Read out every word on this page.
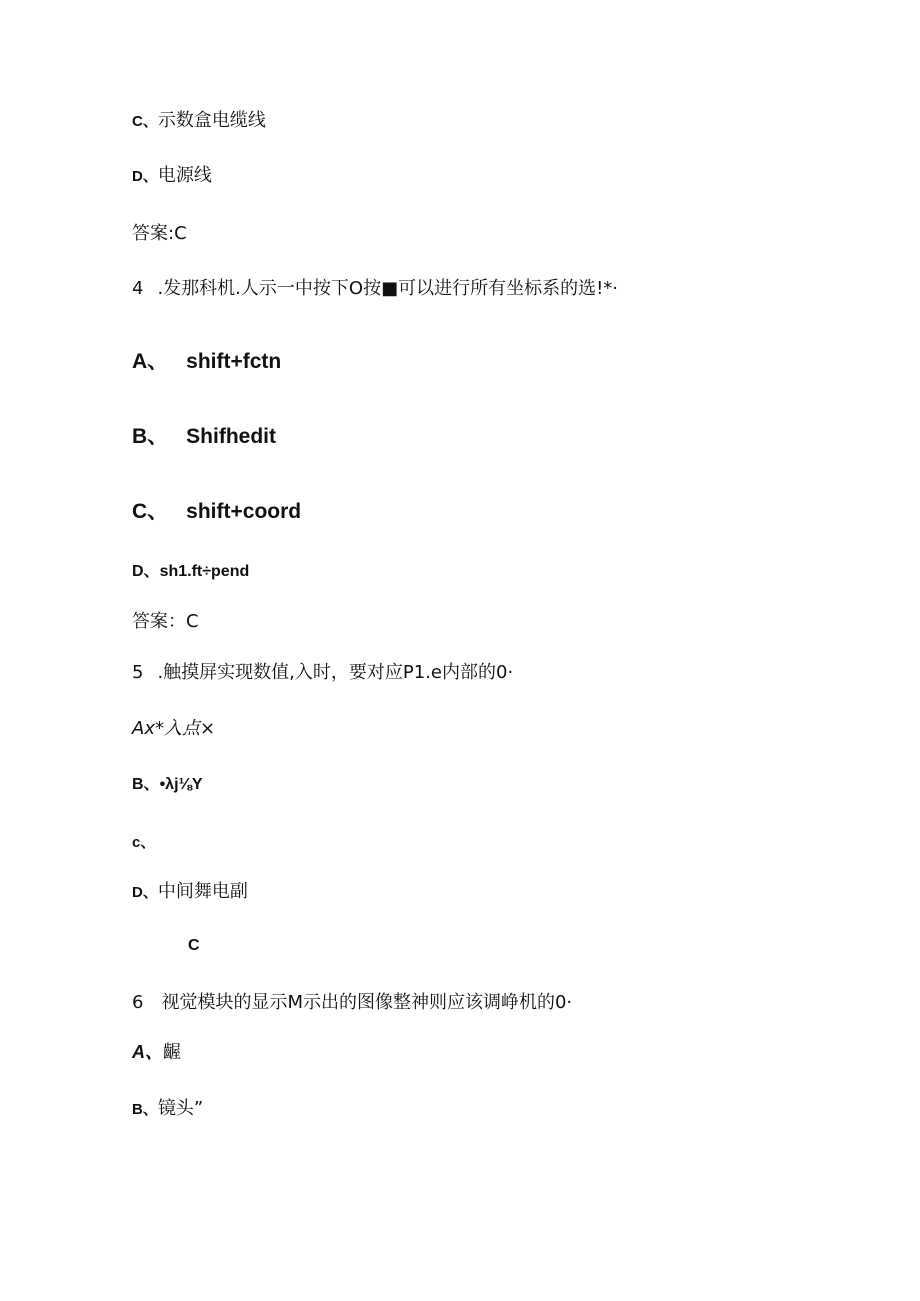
C、示数盒电缆线
D、电源线
答案:C
4 .发那科机.人示一中按下O按■可以进行所有坐标系的选!*·
A、 shift+fctn
B、 Shifhedit
C、 shift+coord
D、sh1.ft÷pend
答案：C
5 .触摸屏实现数值,入时，要对应P1.e内部的0·
Ax*入点×
B、•λj⅛Y
c、
D、中间舞电副
C
6 视觉模块的显示M示出的图像整神则应该调峥机的0·
A、齷
B、镜头”
